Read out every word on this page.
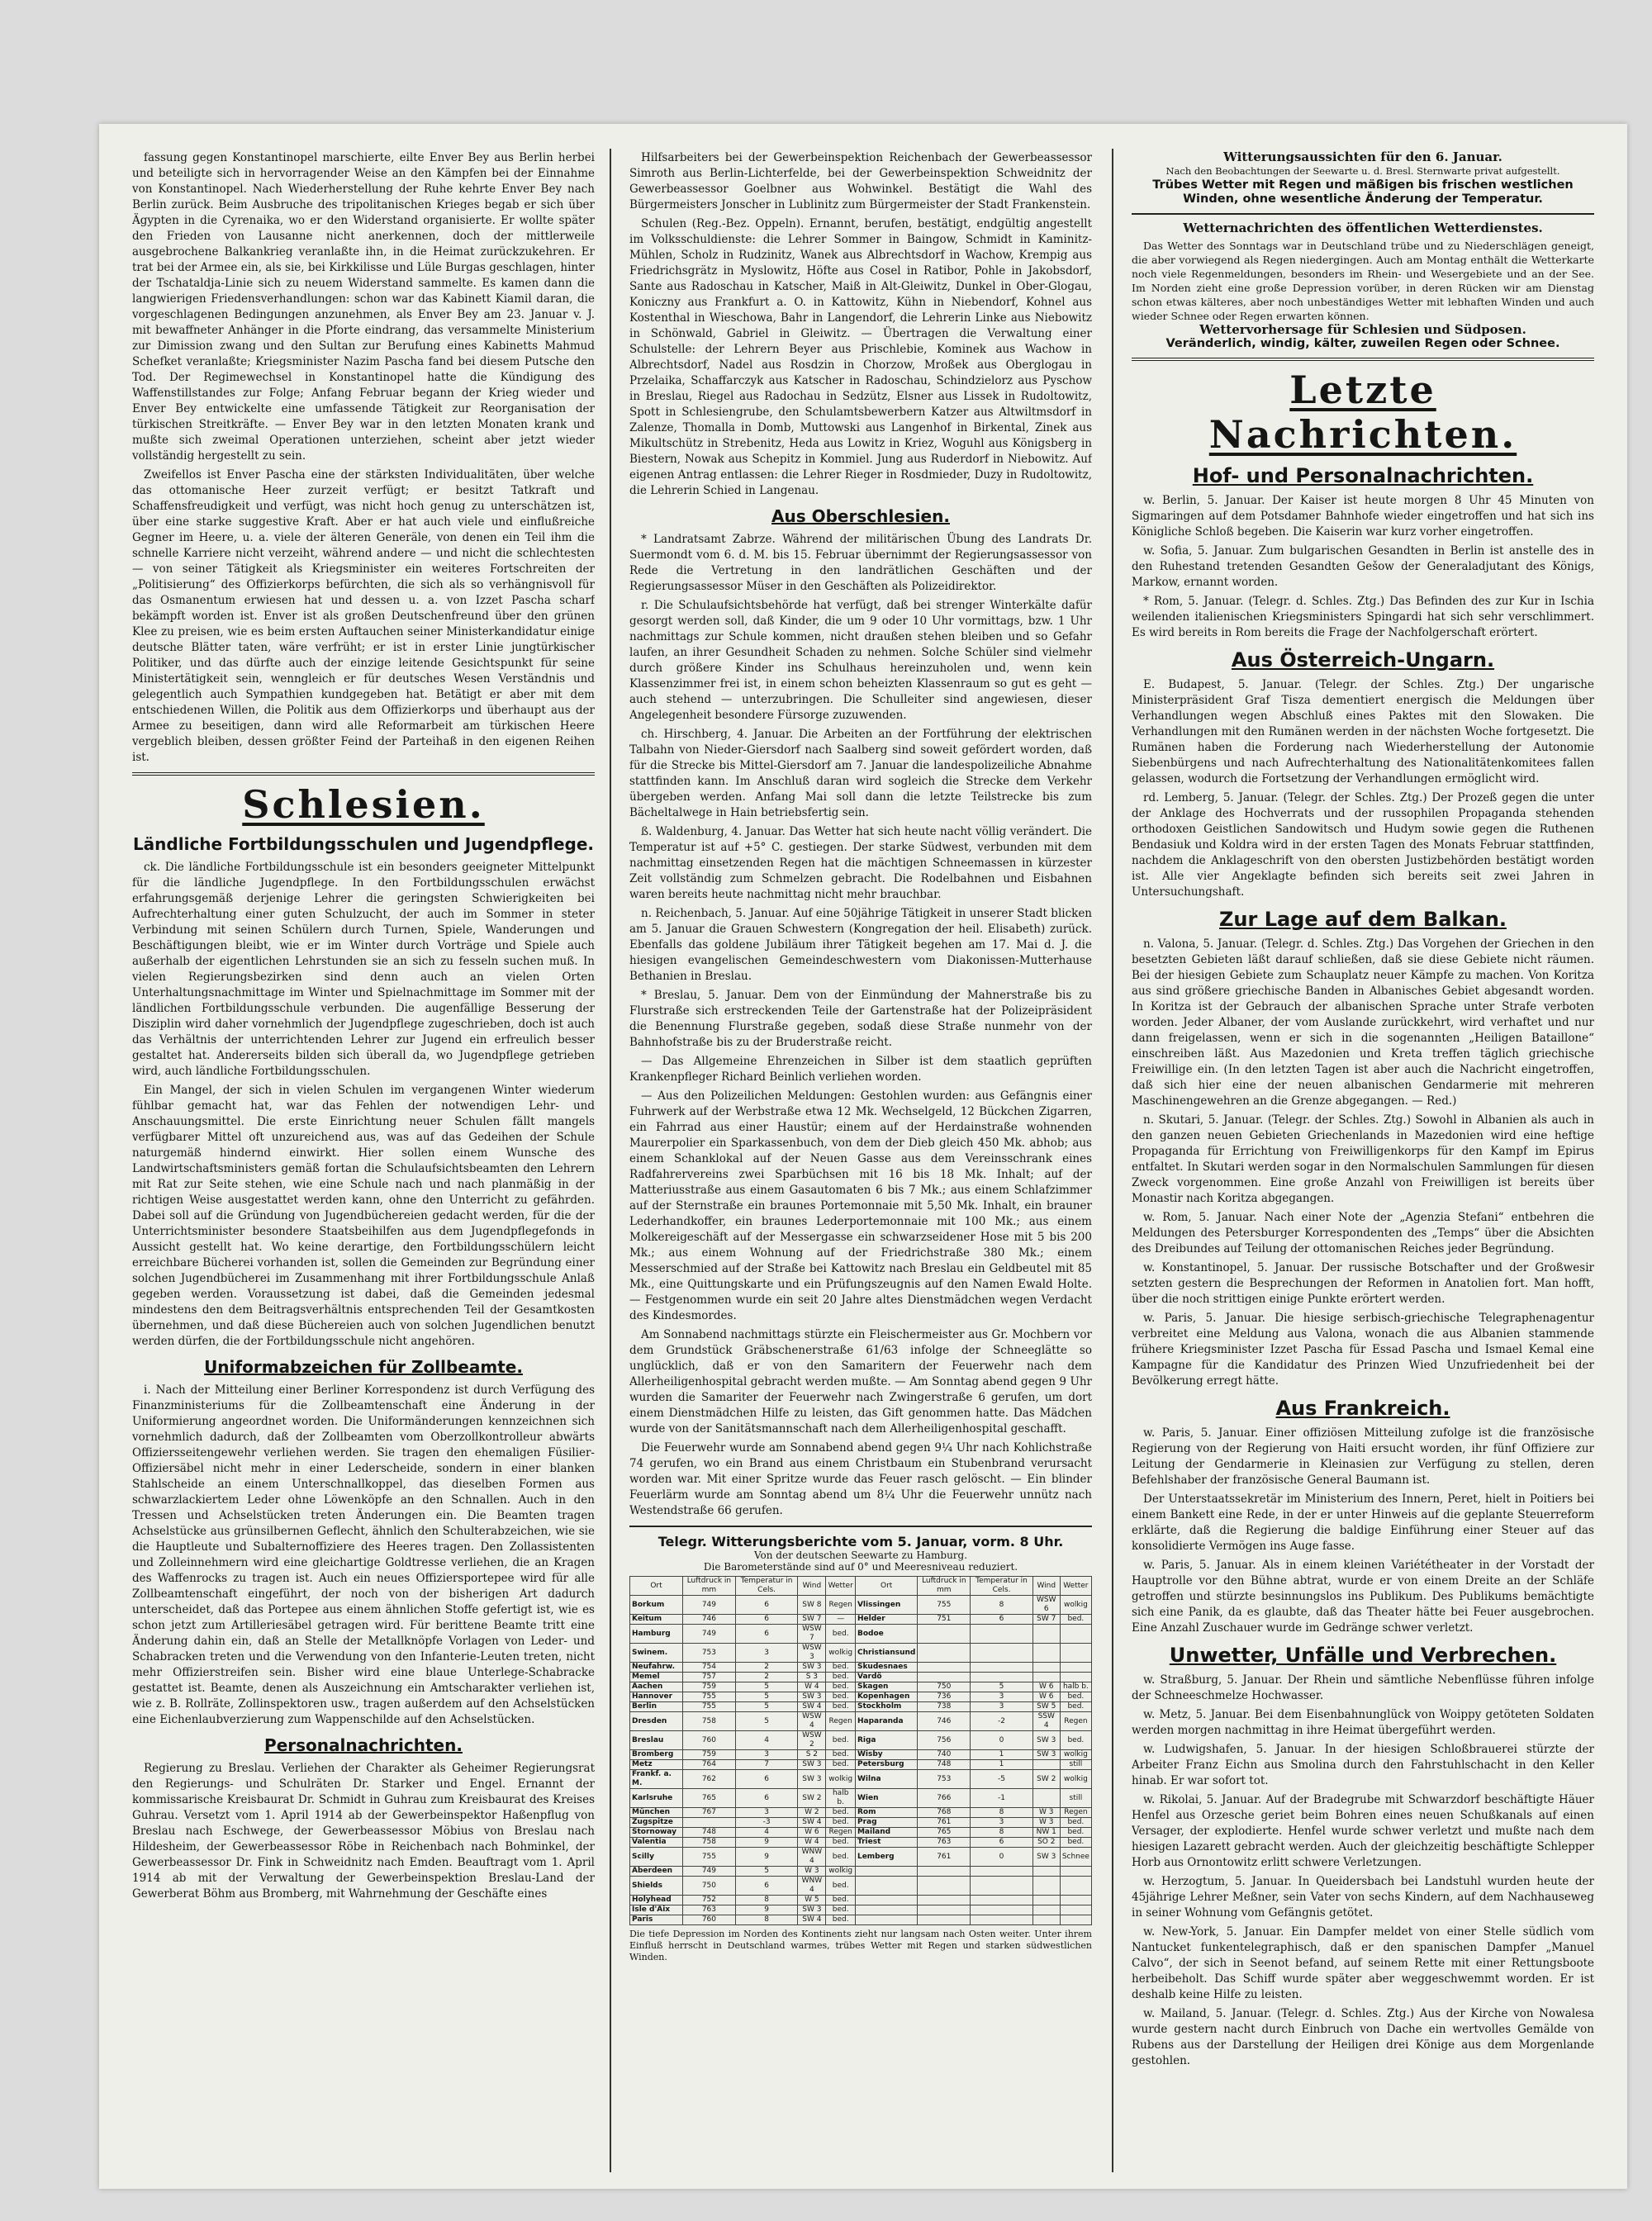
fassung gegen Konstantinopel marschierte, eilte Enver Bey aus Berlin herbei und beteiligte sich in hervorragender Weise an den Kämpfen bei der Einnahme von Konstantinopel. Nach Wiederherstellung der Ruhe kehrte Enver Bey nach Berlin zurück. Beim Ausbruche des tripolitanischen Krieges begab er sich über Ägypten in die Cyrenaika, wo er den Widerstand organisierte. Er wollte später den Frieden von Lausanne nicht anerkennen, doch der mittlerweile ausgebrochene Balkankrieg veranlaßte ihn, in die Heimat zurückzukehren. Er trat bei der Armee ein, als sie, bei Kirkkilisse und Lüle Burgas geschlagen, hinter der Tschataldja-Linie sich zu neuem Widerstand sammelte. Es kamen dann die langwierigen Friedensverhandlungen: schon war das Kabinett Kiamil daran, die vorgeschlagenen Bedingungen anzunehmen, als Enver Bey am 23. Januar v. J. mit bewaffneter Anhänger in die Pforte eindrang, das versammelte Ministerium zur Dimission zwang und den Sultan zur Berufung eines Kabinetts Mahmud Schefket veranlaßte; Kriegsminister Nazim Pascha fand bei diesem Putsche den Tod. Der Regimewechsel in Konstantinopel hatte die Kündigung des Waffenstillstandes zur Folge; Anfang Februar begann der Krieg wieder und Enver Bey entwickelte eine umfassende Tätigkeit zur Reorganisation der türkischen Streitkräfte. — Enver Bey war in den letzten Monaten krank und mußte sich zweimal Operationen unterziehen, scheint aber jetzt wieder vollständig hergestellt zu sein.

Zweifellos ist Enver Pascha eine der stärksten Individualitäten, über welche das ottomanische Heer zurzeit verfügt; er besitzt Tatkraft und Schaffensfreudigkeit und verfügt, was nicht hoch genug zu unterschätzen ist, über eine starke suggestive Kraft. Aber er hat auch viele und einflußreiche Gegner im Heere, u. a. viele der älteren Generäle, von denen ein Teil ihm die schnelle Karriere nicht verzeiht, während andere — und nicht die schlechtesten — von seiner Tätigkeit als Kriegsminister ein weiteres Fortschreiten der „Politisierung“ des Offizierkorps befürchten, die sich als so verhängnisvoll für das Osmanentum erwiesen hat und dessen u. a. von Izzet Pascha scharf bekämpft worden ist. Enver ist als großen Deutschenfreund über den grünen Klee zu preisen, wie es beim ersten Auftauchen seiner Ministerkandidatur einige deutsche Blätter taten, wäre verfrüht; er ist in erster Linie jungtürkischer Politiker, und das dürfte auch der einzige leitende Gesichtspunkt für seine Ministertätigkeit sein, wenngleich er für deutsches Wesen Verständnis und gelegentlich auch Sympathien kundgegeben hat. Betätigt er aber mit dem entschiedenen Willen, die Politik aus dem Offizierkorps und überhaupt aus der Armee zu beseitigen, dann wird alle Reformarbeit am türkischen Heere vergeblich bleiben, dessen größter Feind der Parteihaß in den eigenen Reihen ist.

Schlesien.
Ländliche Fortbildungsschulen und Jugendpflege.

ck. Die ländliche Fortbildungsschule ist ein besonders geeigneter Mittelpunkt für die ländliche Jugendpflege. In den Fortbildungsschulen erwächst erfahrungsgemäß derjenige Lehrer die geringsten Schwierigkeiten bei Aufrechterhaltung einer guten Schulzucht, der auch im Sommer in steter Verbindung mit seinen Schülern durch Turnen, Spiele, Wanderungen und Beschäftigungen bleibt, wie er im Winter durch Vorträge und Spiele auch außerhalb der eigentlichen Lehrstunden sie an sich zu fesseln suchen muß. In vielen Regierungsbezirken sind denn auch an vielen Orten Unterhaltungsnachmittage im Winter und Spielnachmittage im Sommer mit der ländlichen Fortbildungsschule verbunden. Die augenfällige Besserung der Disziplin wird daher vornehmlich der Jugendpflege zugeschrieben, doch ist auch das Verhältnis der unterrichtenden Lehrer zur Jugend ein erfreulich besser gestaltet hat. Andererseits bilden sich überall da, wo Jugendpflege getrieben wird, auch ländliche Fortbildungsschulen.

Ein Mangel, der sich in vielen Schulen im vergangenen Winter wiederum fühlbar gemacht hat, war das Fehlen der notwendigen Lehr- und Anschauungsmittel. Die erste Einrichtung neuer Schulen fällt mangels verfügbarer Mittel oft unzureichend aus, was auf das Gedeihen der Schule naturgemäß hindernd einwirkt. Hier sollen einem Wunsche des Landwirtschaftsministers gemäß fortan die Schulaufsichtsbeamten den Lehrern mit Rat zur Seite stehen, wie eine Schule nach und nach planmäßig in der richtigen Weise ausgestattet werden kann, ohne den Unterricht zu gefährden. Dabei soll auf die Gründung von Jugendbüchereien gedacht werden, für die der Unterrichtsminister besondere Staatsbeihilfen aus dem Jugendpflegefonds in Aussicht gestellt hat. Wo keine derartige, den Fortbildungsschülern leicht erreichbare Bücherei vorhanden ist, sollen die Gemeinden zur Begründung einer solchen Jugendbücherei im Zusammenhang mit ihrer Fortbildungsschule Anlaß gegeben werden. Voraussetzung ist dabei, daß die Gemeinden jedesmal mindestens den dem Beitragsverhältnis entsprechenden Teil der Gesamtkosten übernehmen, und daß diese Büchereien auch von solchen Jugendlichen benutzt werden dürfen, die der Fortbildungsschule nicht angehören.

Uniformabzeichen für Zollbeamte.

i. Nach der Mitteilung einer Berliner Korrespondenz ist durch Verfügung des Finanzministeriums für die Zollbeamtenschaft eine Änderung in der Uniformierung angeordnet worden. Die Uniformänderungen kennzeichnen sich vornehmlich dadurch, daß der Zollbeamten vom Oberzollkontrolleur abwärts Offiziersseitengewehr verliehen werden. Sie tragen den ehemaligen Füsilier-Offiziersäbel nicht mehr in einer Lederscheide, sondern in einer blanken Stahlscheide an einem Unterschnallkoppel, das dieselben Formen aus schwarzlackiertem Leder ohne Löwenköpfe an den Schnallen. Auch in den Tressen und Achselstücken treten Änderungen ein. Die Beamten tragen Achselstücke aus grünsilbernen Geflecht, ähnlich den Schulterabzeichen, wie sie die Hauptleute und Subalternoffiziere des Heeres tragen. Den Zollassistenten und Zolleinnehmern wird eine gleichartige Goldtresse verliehen, die an Kragen des Waffenrocks zu tragen ist. Auch ein neues Offiziersportepee wird für alle Zollbeamtenschaft eingeführt, der noch von der bisherigen Art dadurch unterscheidet, daß das Portepee aus einem ähnlichen Stoffe gefertigt ist, wie es schon jetzt zum Artilleriesäbel getragen wird. Für berittene Beamte tritt eine Änderung dahin ein, daß an Stelle der Metallknöpfe Vorlagen von Leder- und Schabracken treten und die Verwendung von den Infanterie-Leuten treten, nicht mehr Offizierstreifen sein. Bisher wird eine blaue Unterlege-Schabracke gestattet ist. Beamte, denen als Auszeichnung ein Amtscharakter verliehen ist, wie z. B. Rollräte, Zollinspektoren usw., tragen außerdem auf den Achselstücken eine Eichenlaubverzierung zum Wappenschilde auf den Achselstücken.

Personalnachrichten.

Regierung zu Breslau. Verliehen der Charakter als Geheimer Regierungsrat den Regierungs- und Schulräten Dr. Starker und Engel. Ernannt der kommissarische Kreisbaurat Dr. Schmidt in Guhrau zum Kreisbaurat des Kreises Guhrau. Versetzt vom 1. April 1914 ab der Gewerbeinspektor Haßenpflug von Breslau nach Eschwege, der Gewerbeassessor Möbius von Breslau nach Hildesheim, der Gewerbeassessor Röbe in Reichenbach nach Bohminkel, der Gewerbeassessor Dr. Fink in Schweidnitz nach Emden. Beauftragt vom 1. April 1914 ab mit der Verwaltung der Gewerbeinspektion Breslau-Land der Gewerberat Böhm aus Bromberg, mit Wahrnehmung der Geschäfte eines

Hilfsarbeiters bei der Gewerbeinspektion Reichenbach der Gewerbeassessor Simroth aus Berlin-Lichterfelde, bei der Gewerbeinspektion Schweidnitz der Gewerbeassessor Goelbner aus Wohwinkel. Bestätigt die Wahl des Bürgermeisters Jonscher in Lublinitz zum Bürgermeister der Stadt Frankenstein.

Schulen (Reg.-Bez. Oppeln). Ernannt, berufen, bestätigt, endgültig angestellt im Volksschuldienste: die Lehrer Sommer in Baingow, Schmidt in Kaminitz-Mühlen, Scholz in Rudzinitz, Wanek aus Albrechtsdorf in Wachow, Krempig aus Friedrichsgrätz in Myslowitz, Höfte aus Cosel in Ratibor, Pohle in Jakobsdorf, Sante aus Radoschau in Katscher, Maiß in Alt-Gleiwitz, Dunkel in Ober-Glogau, Koniczny aus Frankfurt a. O. in Kattowitz, Kühn in Niebendorf, Kohnel aus Kostenthal in Wieschowa, Bahr in Langendorf, die Lehrerin Linke aus Niebowitz in Schönwald, Gabriel in Gleiwitz. — Übertragen die Verwaltung einer Schulstelle: der Lehrern Beyer aus Prischlebie, Kominek aus Wachow in Albrechtsdorf, Nadel aus Rosdzin in Chorzow, Mroßek aus Oberglogau in Przelaika, Schaffarczyk aus Katscher in Radoschau, Schindzielorz aus Pyschow in Breslau, Riegel aus Radochau in Sedzütz, Elsner aus Lissek in Rudoltowitz, Spott in Schlesiengrube, den Schulamtsbewerbern Katzer aus Altwiltmsdorf in Zalenze, Thomalla in Domb, Muttowski aus Langenhof in Birkental, Zinek aus Mikultschütz in Strebenitz, Heda aus Lowitz in Kriez, Woguhl aus Königsberg in Biestern, Nowak aus Schepitz in Kommiel. Jung aus Ruderdorf in Niebowitz. Auf eigenen Antrag entlassen: die Lehrer Rieger in Rosdmieder, Duzy in Rudoltowitz, die Lehrerin Schied in Langenau.

Aus Oberschlesien.

* Landratsamt Zabrze. Während der militärischen Übung des Landrats Dr. Suermondt vom 6. d. M. bis 15. Februar übernimmt der Regierungsassessor von Rede die Vertretung in den landrätlichen Geschäften und der Regierungsassessor Müser in den Geschäften als Polizeidirektor.

r. Die Schulaufsichtsbehörde hat verfügt, daß bei strenger Winterkälte dafür gesorgt werden soll, daß Kinder, die um 9 oder 10 Uhr vormittags, bzw. 1 Uhr nachmittags zur Schule kommen, nicht draußen stehen bleiben und so Gefahr laufen, an ihrer Gesundheit Schaden zu nehmen. Solche Schüler sind vielmehr durch größere Kinder ins Schulhaus hereinzuholen und, wenn kein Klassenzimmer frei ist, in einem schon beheizten Klassenraum so gut es geht — auch stehend — unterzubringen. Die Schulleiter sind angewiesen, dieser Angelegenheit besondere Fürsorge zuzuwenden.

ch. Hirschberg, 4. Januar. Die Arbeiten an der Fortführung der elektrischen Talbahn von Nieder-Giersdorf nach Saalberg sind soweit gefördert worden, daß für die Strecke bis Mittel-Giersdorf am 7. Januar die landespolizeiliche Abnahme stattfinden kann. Im Anschluß daran wird sogleich die Strecke dem Verkehr übergeben werden. Anfang Mai soll dann die letzte Teilstrecke bis zum Bächeltalwege in Hain betriebsfertig sein.

ß. Waldenburg, 4. Januar. Das Wetter hat sich heute nacht völlig verändert. Die Temperatur ist auf +5° C. gestiegen. Der starke Südwest, verbunden mit dem nachmittag einsetzenden Regen hat die mächtigen Schneemassen in kürzester Zeit vollständig zum Schmelzen gebracht. Die Rodelbahnen und Eisbahnen waren bereits heute nachmittag nicht mehr brauchbar.

n. Reichenbach, 5. Januar. Auf eine 50jährige Tätigkeit in unserer Stadt blicken am 5. Januar die Grauen Schwestern (Kongregation der heil. Elisabeth) zurück. Ebenfalls das goldene Jubiläum ihrer Tätigkeit begehen am 17. Mai d. J. die hiesigen evangelischen Gemeindeschwestern vom Diakonissen-Mutterhause Bethanien in Breslau.

* Breslau, 5. Januar. Dem von der Einmündung der Mahnerstraße bis zu Flurstraße sich erstreckenden Teile der Gartenstraße hat der Polizeipräsident die Benennung Flurstraße gegeben, sodaß diese Straße nunmehr von der Bahnhofstraße bis zu der Bruderstraße reicht.

— Das Allgemeine Ehrenzeichen in Silber ist dem staatlich geprüften Krankenpfleger Richard Beinlich verliehen worden.

— Aus den Polizeilichen Meldungen: Gestohlen wurden: aus Gefängnis einer Fuhrwerk auf der Werbstraße etwa 12 Mk. Wechselgeld, 12 Bückchen Zigarren, ein Fahrrad aus einer Haustür; einem auf der Herdainstraße wohnenden Maurerpolier ein Sparkassenbuch, von dem der Dieb gleich 450 Mk. abhob; aus einem Schanklokal auf der Neuen Gasse aus dem Vereinsschrank eines Radfahrervereins zwei Sparbüchsen mit 16 bis 18 Mk. Inhalt; auf der Matteriusstraße aus einem Gasautomaten 6 bis 7 Mk.; aus einem Schlafzimmer auf der Sternstraße ein braunes Portemonnaie mit 5,50 Mk. Inhalt, ein brauner Lederhandkoffer, ein braunes Lederportemonnaie mit 100 Mk.; aus einem Molkereigeschäft auf der Messergasse ein schwarzseidener Hose mit 5 bis 200 Mk.; aus einem Wohnung auf der Friedrichstraße 380 Mk.; einem Messerschmied auf der Straße bei Kattowitz nach Breslau ein Geldbeutel mit 85 Mk., eine Quittungskarte und ein Prüfungszeugnis auf den Namen Ewald Holte. — Festgenommen wurde ein seit 20 Jahre altes Dienstmädchen wegen Verdacht des Kindesmordes.

Am Sonnabend nachmittags stürzte ein Fleischermeister aus Gr. Mochbern vor dem Grundstück Gräbschenerstraße 61/63 infolge der Schneeglätte so unglücklich, daß er von den Samaritern der Feuerwehr nach dem Allerheiligenhospital gebracht werden mußte. — Am Sonntag abend gegen 9 Uhr wurden die Samariter der Feuerwehr nach Zwingerstraße 6 gerufen, um dort einem Dienstmädchen Hilfe zu leisten, das Gift genommen hatte. Das Mädchen wurde von der Sanitätsmannschaft nach dem Allerheiligenhospital geschafft.

Die Feuerwehr wurde am Sonnabend abend gegen 9¼ Uhr nach Kohlichstraße 74 gerufen, wo ein Brand aus einem Christbaum ein Stubenbrand verursacht worden war. Mit einer Spritze wurde das Feuer rasch gelöscht. — Ein blinder Feuerlärm wurde am Sonntag abend um 8¼ Uhr die Feuerwehr unnütz nach Westendstraße 66 gerufen.

Telegr. Witterungsberichte vom 5. Januar, vorm. 8 Uhr.
Von der deutschen Seewarte zu Hamburg.
Die Barometerstände sind auf 0° und Meeresniveau reduziert.
Ort	Luftdruck in mm	Temperatur in Cels.	Wind	Wetter	Ort	Luftdruck in mm	Temperatur in Cels.	Wind	Wetter
Borkum	749	6	SW 8	Regen	Vlissingen	755	8	WSW 6	wolkig
Keitum	746	6	SW 7	—	Helder	751	6	SW 7	bed.
Hamburg	749	6	WSW 7	bed.	Bodoe				
Swinem.	753	3	WSW 3	wolkig	Christiansund				
Neufahrw.	754	2	SW 3	bed.	Skudesnaes				
Memel	757	2	S 3	bed.	Vardö				
Aachen	759	5	W 4	bed.	Skagen	750	5	W 6	halb b.
Hannover	755	5	SW 3	bed.	Kopenhagen	736	3	W 6	bed.
Berlin	755	5	SW 4	bed.	Stockholm	738	3	SW 5	bed.
Dresden	758	5	WSW 4	Regen	Haparanda	746	-2	SSW 4	Regen
Breslau	760	4	WSW 2	bed.	Riga	756	0	SW 3	bed.
Bromberg	759	3	S 2	bed.	Wisby	740	1	SW 3	wolkig
Metz	764	7	SW 3	bed.	Petersburg	748	1		still
Frankf. a. M.	762	6	SW 3	wolkig	Wilna	753	-5	SW 2	wolkig
Karlsruhe	765	6	SW 2	halb b.	Wien	766	-1		still
München	767	3	W 2	bed.	Rom	768	8	W 3	Regen
Zugspitze		-3	SW 4	bed.	Prag	761	3	W 3	bed.
Stornoway	748	4	W 6	Regen	Mailand	765	8	NW 1	bed.
Valentia	758	9	W 4	bed.	Triest	763	6	SO 2	bed.
Scilly	755	9	WNW 4	bed.	Lemberg	761	0	SW 3	Schnee
Aberdeen	749	5	W 3	wolkig					
Shields	750	6	WNW 4	bed.					
Holyhead	752	8	W 5	bed.					
Isle d'Aix	763	9	SW 3	bed.					
Paris	760	8	SW 4	bed.					

Die tiefe Depression im Norden des Kontinents zieht nur langsam nach Osten weiter. Unter ihrem Einfluß herrscht in Deutschland warmes, trübes Wetter mit Regen und starken südwestlichen Winden.

Witterungsaussichten für den 6. Januar.
Nach den Beobachtungen der Seewarte u. d. Bresl. Sternwarte privat aufgestellt.
Trübes Wetter mit Regen und mäßigen bis frischen westlichen Winden, ohne wesentliche Änderung der Temperatur.
Wetternachrichten des öffentlichen Wetterdienstes.
Das Wetter des Sonntags war in Deutschland trübe und zu Niederschlägen geneigt, die aber vorwiegend als Regen niedergingen. Auch am Montag enthält die Wetterkarte noch viele Regenmeldungen, besonders im Rhein- und Wesergebiete und an der See. Im Norden zieht eine große Depression vorüber, in deren Rücken wir am Dienstag schon etwas kälteres, aber noch unbeständiges Wetter mit lebhaften Winden und auch wieder Schnee oder Regen erwarten können.
Wettervorhersage für Schlesien und Südposen.
Veränderlich, windig, kälter, zuweilen Regen oder Schnee.
Letzte Nachrichten.
Hof- und Personalnachrichten.

w. Berlin, 5. Januar. Der Kaiser ist heute morgen 8 Uhr 45 Minuten von Sigmaringen auf dem Potsdamer Bahnhofe wieder eingetroffen und hat sich ins Königliche Schloß begeben. Die Kaiserin war kurz vorher eingetroffen.

w. Sofia, 5. Januar. Zum bulgarischen Gesandten in Berlin ist anstelle des in den Ruhestand tretenden Gesandten Gešow der Generaladjutant des Königs, Markow, ernannt worden.

* Rom, 5. Januar. (Telegr. d. Schles. Ztg.) Das Befinden des zur Kur in Ischia weilenden italienischen Kriegsministers Spingardi hat sich sehr verschlimmert. Es wird bereits in Rom bereits die Frage der Nachfolgerschaft erörtert.

Aus Österreich-Ungarn.

E. Budapest, 5. Januar. (Telegr. der Schles. Ztg.) Der ungarische Ministerpräsident Graf Tisza dementiert energisch die Meldungen über Verhandlungen wegen Abschluß eines Paktes mit den Slowaken. Die Verhandlungen mit den Rumänen werden in der nächsten Woche fortgesetzt. Die Rumänen haben die Forderung nach Wiederherstellung der Autonomie Siebenbürgens und nach Aufrechterhaltung des Nationalitätenkomitees fallen gelassen, wodurch die Fortsetzung der Verhandlungen ermöglicht wird.

rd. Lemberg, 5. Januar. (Telegr. der Schles. Ztg.) Der Prozeß gegen die unter der Anklage des Hochverrats und der russophilen Propaganda stehenden orthodoxen Geistlichen Sandowitsch und Hudym sowie gegen die Ruthenen Bendasiuk und Koldra wird in der ersten Tagen des Monats Februar stattfinden, nachdem die Anklageschrift von den obersten Justizbehörden bestätigt worden ist. Alle vier Angeklagte befinden sich bereits seit zwei Jahren in Untersuchungshaft.

Zur Lage auf dem Balkan.

n. Valona, 5. Januar. (Telegr. d. Schles. Ztg.) Das Vorgehen der Griechen in den besetzten Gebieten läßt darauf schließen, daß sie diese Gebiete nicht räumen. Bei der hiesigen Gebiete zum Schauplatz neuer Kämpfe zu machen. Von Koritza aus sind größere griechische Banden in Albanisches Gebiet abgesandt worden. In Koritza ist der Gebrauch der albanischen Sprache unter Strafe verboten worden. Jeder Albaner, der vom Auslande zurückkehrt, wird verhaftet und nur dann freigelassen, wenn er sich in die sogenannten „Heiligen Bataillone“ einschreiben läßt. Aus Mazedonien und Kreta treffen täglich griechische Freiwillige ein. (In den letzten Tagen ist aber auch die Nachricht eingetroffen, daß sich hier eine der neuen albanischen Gendarmerie mit mehreren Maschinengewehren an die Grenze abgegangen. — Red.)

n. Skutari, 5. Januar. (Telegr. der Schles. Ztg.) Sowohl in Albanien als auch in den ganzen neuen Gebieten Griechenlands in Mazedonien wird eine heftige Propaganda für Errichtung von Freiwilligenkorps für den Kampf im Epirus entfaltet. In Skutari werden sogar in den Normalschulen Sammlungen für diesen Zweck vorgenommen. Eine große Anzahl von Freiwilligen ist bereits über Monastir nach Koritza abgegangen.

w. Rom, 5. Januar. Nach einer Note der „Agenzia Stefani“ entbehren die Meldungen des Petersburger Korrespondenten des „Temps“ über die Absichten des Dreibundes auf Teilung der ottomanischen Reiches jeder Begründung.

w. Konstantinopel, 5. Januar. Der russische Botschafter und der Großwesir setzten gestern die Besprechungen der Reformen in Anatolien fort. Man hofft, über die noch strittigen einige Punkte erörtert werden.

w. Paris, 5. Januar. Die hiesige serbisch-griechische Telegraphenagentur verbreitet eine Meldung aus Valona, wonach die aus Albanien stammende frühere Kriegsminister Izzet Pascha für Essad Pascha und Ismael Kemal eine Kampagne für die Kandidatur des Prinzen Wied Unzufriedenheit bei der Bevölkerung erregt hätte.

Aus Frankreich.

w. Paris, 5. Januar. Einer offiziösen Mitteilung zufolge ist die französische Regierung von der Regierung von Haiti ersucht worden, ihr fünf Offiziere zur Leitung der Gendarmerie in Kleinasien zur Verfügung zu stellen, deren Befehlshaber der französische General Baumann ist.

Der Unterstaatssekretär im Ministerium des Innern, Peret, hielt in Poitiers bei einem Bankett eine Rede, in der er unter Hinweis auf die geplante Steuerreform erklärte, daß die Regierung die baldige Einführung einer Steuer auf das konsolidierte Vermögen ins Auge fasse.

w. Paris, 5. Januar. Als in einem kleinen Variététheater in der Vorstadt der Hauptrolle vor den Bühne abtrat, wurde er von einem Dreite an der Schläfe getroffen und stürzte besinnungslos ins Publikum. Des Publikums bemächtigte sich eine Panik, da es glaubte, daß das Theater hätte bei Feuer ausgebrochen. Eine Anzahl Zuschauer wurde im Gedränge schwer verletzt.

Unwetter, Unfälle und Verbrechen.

w. Straßburg, 5. Januar. Der Rhein und sämtliche Nebenflüsse führen infolge der Schneeschmelze Hochwasser.

w. Metz, 5. Januar. Bei dem Eisenbahnunglück von Woippy getöteten Soldaten werden morgen nachmittag in ihre Heimat übergeführt werden.

w. Ludwigshafen, 5. Januar. In der hiesigen Schloßbrauerei stürzte der Arbeiter Franz Eichn aus Smolina durch den Fahrstuhlschacht in den Keller hinab. Er war sofort tot.

w. Rikolai, 5. Januar. Auf der Bradegrube mit Schwarzdorf beschäftigte Häuer Henfel aus Orzesche geriet beim Bohren eines neuen Schußkanals auf einen Versager, der explodierte. Henfel wurde schwer verletzt und mußte nach dem hiesigen Lazarett gebracht werden. Auch der gleichzeitig beschäftigte Schlepper Horb aus Ornontowitz erlitt schwere Verletzungen.

w. Herzogtum, 5. Januar. In Queidersbach bei Landstuhl wurden heute der 45jährige Lehrer Meßner, sein Vater von sechs Kindern, auf dem Nachhauseweg in seiner Wohnung vom Gefängnis getötet.

w. New-York, 5. Januar. Ein Dampfer meldet von einer Stelle südlich vom Nantucket funkentelegraphisch, daß er den spanischen Dampfer „Manuel Calvo“, der sich in Seenot befand, auf seinem Rette mit einer Rettungsboote herbeibeholt. Das Schiff wurde später aber weggeschwemmt worden. Er ist deshalb keine Hilfe zu leisten.

w. Mailand, 5. Januar. (Telegr. d. Schles. Ztg.) Aus der Kirche von Nowalesa wurde gestern nacht durch Einbruch von Dache ein wertvolles Gemälde von Rubens aus der Darstellung der Heiligen drei Könige aus dem Morgenlande gestohlen.
